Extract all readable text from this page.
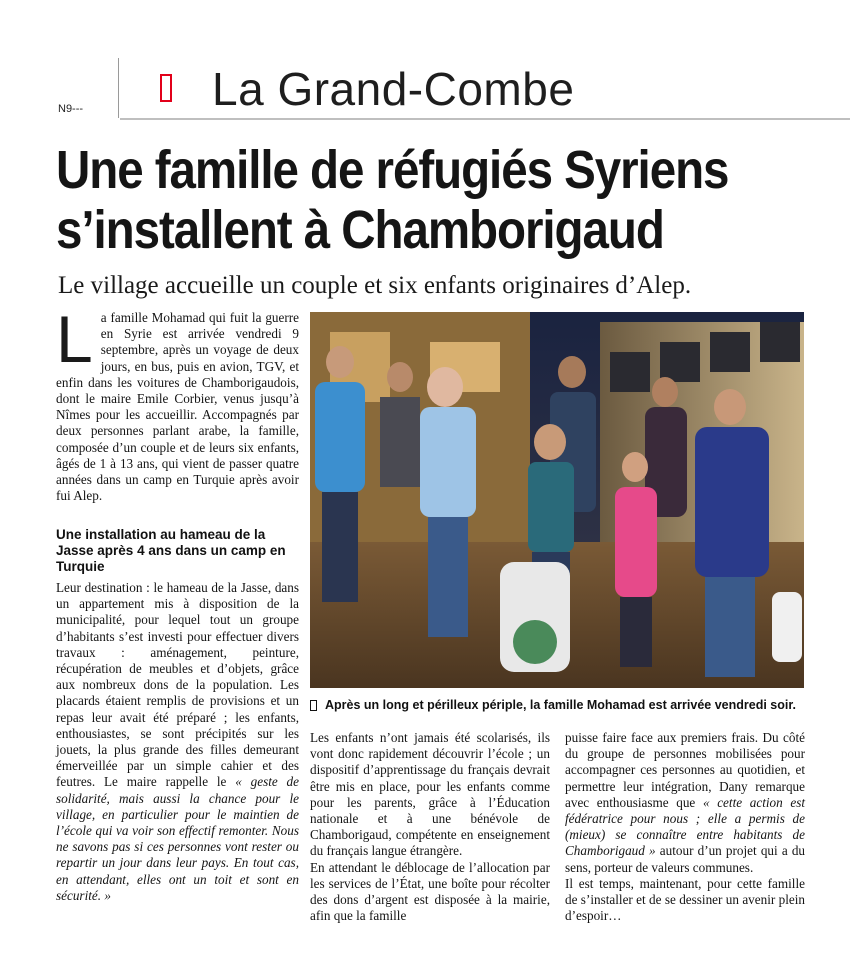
N9---	La Grand-Combe
Une famille de réfugiés Syriens
s’installent à Chamborigaud
Le village accueille un couple et six enfants originaires d’Alep.
Après un long et périlleux périple, la famille Mohamad est arrivée vendredi soir.
L a famille Mohamad qui fuit la guerre en Syrie est arrivée vendredi 9 septembre, après un voyage de deux jours, en bus, puis en avion, TGV, et enfin dans les voitures de Chamborigaudois, dont le maire Emile Corbier, venus jusqu’à Nîmes pour les accueillir. Accompagnés par deux personnes parlant arabe, la famille, composée d’un couple et de leurs six enfants, âgés de 1 à 13 ans, qui vient de passer quatre années dans un camp en Turquie après avoir fui Alep.

Une installation au hameau de la Jasse après 4 ans dans un camp en Turquie

Leur destination : le hameau de la Jasse, dans un appartement mis à disposition de la municipalité, pour lequel tout un groupe d’habitants s’est investi pour effectuer divers travaux : aménagement, peinture, récupération de meubles et d’objets, grâce aux nombreux dons de la population. Les placards étaient remplis de provisions et un repas leur avait été préparé ; les enfants, enthousiastes, se sont précipités sur les jouets, la plus grande des filles demeurant émerveillée par un simple cahier et des feutres. Le maire rappelle le « geste de solidarité, mais aussi la chance pour le village, en particulier pour le maintien de l’école qui va voir son effectif remonter. Nous ne savons pas si ces personnes vont rester ou repartir un jour dans leur pays. En tout cas, en attendant, elles ont un toit et sont en sécurité. »

Les enfants n’ont jamais été scolarisés, ils vont donc rapidement découvrir l’école ; un dispositif d’apprentissage du français devrait être mis en place, pour les enfants comme pour les parents, grâce à l’Éducation nationale et à une bénévole de Chamborigaud, compétente en enseignement du français langue étrangère.

En attendant le déblocage de l’allocation par les services de l’État, une boîte pour récolter des dons d’argent est disposée à la mairie, afin que la famille

puisse faire face aux premiers frais. Du côté du groupe de personnes mobilisées pour accompagner ces personnes au quotidien, et permettre leur intégration, Dany remarque avec enthousiasme que « cette action est fédératrice pour nous ; elle a permis de (mieux) se connaître entre habitants de Chamborigaud » autour d’un projet qui a du sens, porteur de valeurs communes.

Il est temps, maintenant, pour cette famille de s’installer et de se dessiner un avenir plein d’espoir…
